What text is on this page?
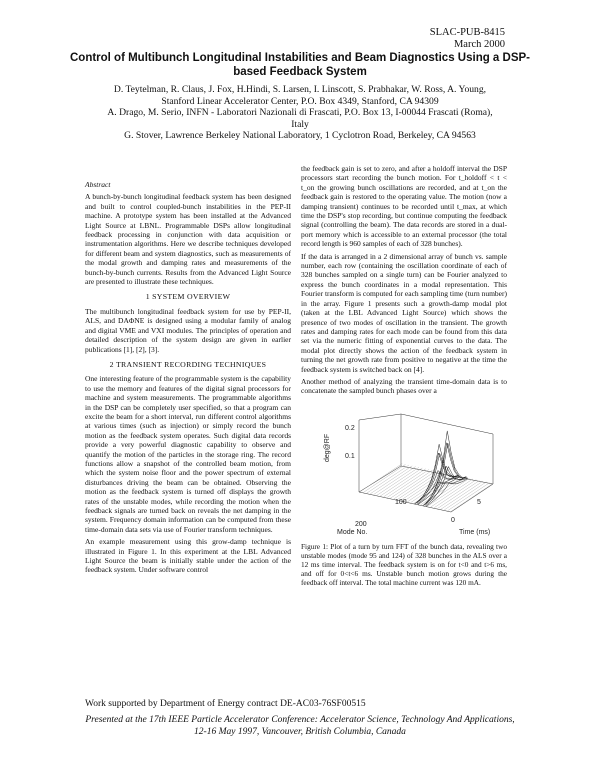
SLAC-PUB-8415
March 2000
Control of Multibunch Longitudinal Instabilities and Beam Diagnostics Using a DSP-based Feedback System
D. Teytelman, R. Claus, J. Fox, H.Hindi, S. Larsen, I. Linscott, S. Prabhakar, W. Ross, A. Young,
Stanford Linear Accelerator Center, P.O. Box 4349, Stanford, CA 94309
A. Drago, M. Serio, INFN - Laboratori Nazionali di Frascati, P.O. Box 13, I-00044 Frascati (Roma),
Italy
G. Stover, Lawrence Berkeley National Laboratory, 1 Cyclotron Road, Berkeley, CA 94563
Abstract

A bunch-by-bunch longitudinal feedback system has been designed and built to control coupled-bunch instabilities in the PEP-II machine. A prototype system has been installed at the Advanced Light Source at LBNL. Programmable DSPs allow longitudinal feedback processing in conjunction with data acquisition or instrumentation algorithms. Here we describe techniques developed for different beam and system diagnostics, such as measurements of the modal growth and damping rates and measurements of the bunch-by-bunch currents. Results from the Advanced Light Source are presented to illustrate these techniques.

1 SYSTEM OVERVIEW

The multibunch longitudinal feedback system for use by PEP-II, ALS, and DAΦNE is designed using a modular family of analog and digital VME and VXI modules. The principles of operation and detailed description of the system design are given in earlier publications [1], [2], [3].

2 TRANSIENT RECORDING TECHNIQUES

One interesting feature of the programmable system is the capability to use the memory and features of the digital signal processors for machine and system measurements. The programmable algorithms in the DSP can be completely user specified, so that a program can excite the beam for a short interval, run different control algorithms at various times (such as injection) or simply record the bunch motion as the feedback system operates. Such digital data records provide a very powerful diagnostic capability to observe and quantify the motion of the particles in the storage ring. The record functions allow a snapshot of the controlled beam motion, from which the system noise floor and the power spectrum of external disturbances driving the beam can be obtained. Observing the motion as the feedback system is turned off displays the growth rates of the unstable modes, while recording the motion when the feedback signals are turned back on reveals the net damping in the system. Frequency domain information can be computed from these time-domain data sets via use of Fourier transform techniques.

An example measurement using this grow-damp technique is illustrated in Figure 1. In this experiment at the LBL Advanced Light Source the beam is initially stable under the action of the feedback system. Under software control

the feedback gain is set to zero, and after a holdoff interval the DSP processors start recording the bunch motion. For t_holdoff < t < t_on the growing bunch oscillations are recorded, and at t_on the feedback gain is restored to the operating value. The motion (now a damping transient) continues to be recorded until t_max, at which time the DSP's stop recording, but continue computing the feedback signal (controlling the beam). The data records are stored in a dual-port memory which is accessible to an external processor (the total record length is 960 samples of each of 328 bunches).

If the data is arranged in a 2 dimensional array of bunch vs. sample number, each row (containing the oscillation coordinate of each of 328 bunches sampled on a single turn) can be Fourier analyzed to express the bunch coordinates in a modal representation. This Fourier transform is computed for each sampling time (turn number) in the array. Figure 1 presents such a growth-damp modal plot (taken at the LBL Advanced Light Source) which shows the presence of two modes of oscillation in the transient. The growth rates and damping rates for each mode can be found from this data set via the numeric fitting of exponential curves to the data. The modal plot directly shows the action of the feedback system in turning the net growth rate from positive to negative at the time the feedback system is switched back on [4].

Another method of analyzing the transient time-domain data is to concatenate the sampled bunch phases over a

deg@RF
0.2
0.1
100
200
0
5
Mode No.	Time (ms)
Figure 1: Plot of a turn by turn FFT of the bunch data, revealing two unstable modes (mode 95 and 124) of 328 bunches in the ALS over a 12 ms time interval. The feedback system is on for t<0 and t>6 ms, and off for 0<t<6 ms. Unstable bunch motion grows during the feedback off interval. The total machine current was 120 mA.
Work supported by Department of Energy contract DE-AC03-76SF00515
Presented at the 17th IEEE Particle Accelerator Conference: Accelerator Science, Technology And Applications, 12-16 May 1997, Vancouver, British Columbia, Canada
